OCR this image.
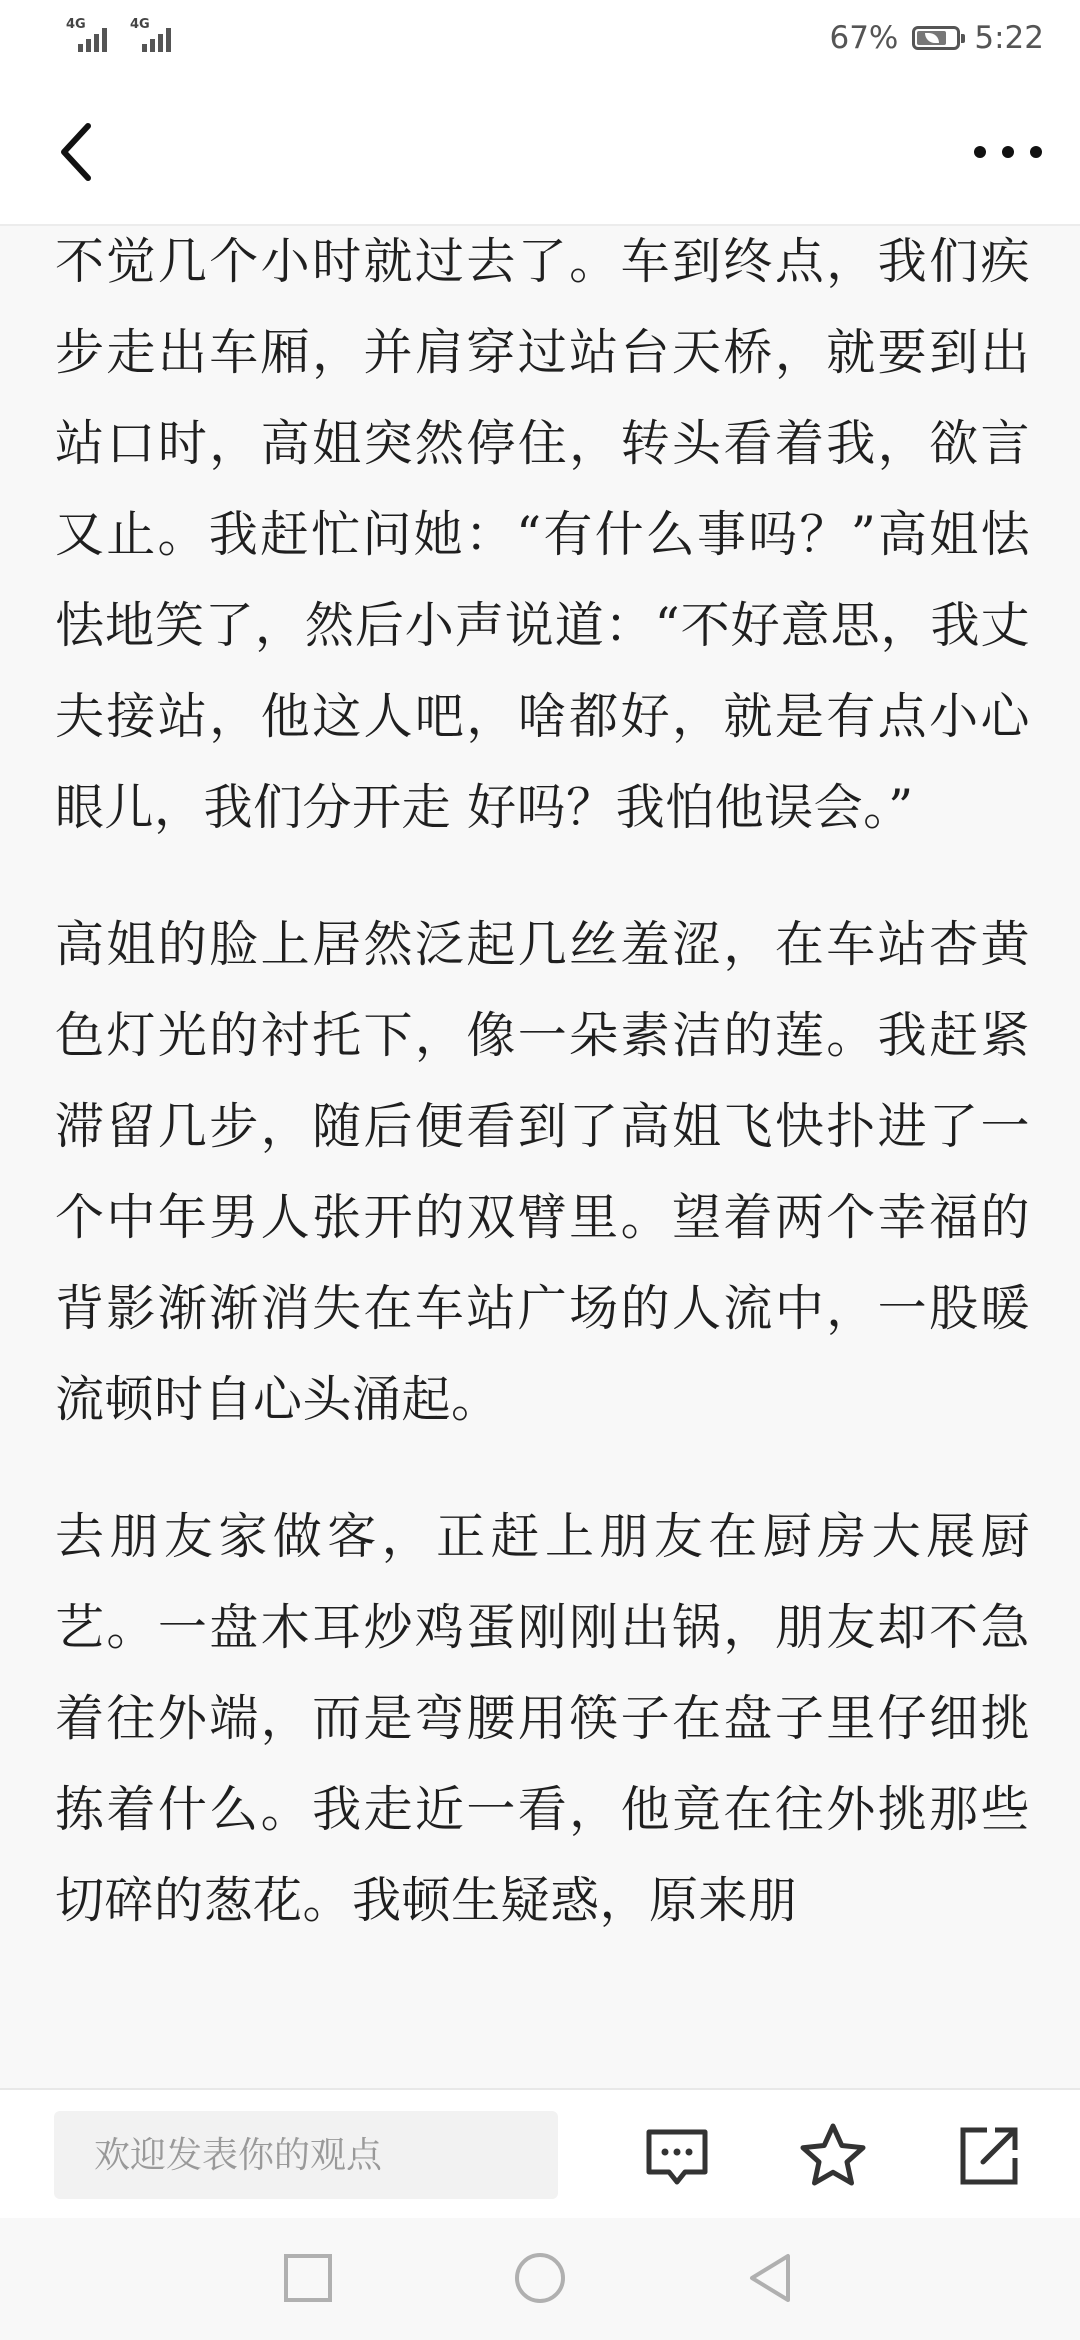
4G	4G	67% 5:22

不觉几个小时就过去了。车到终点，我们疾步走出车厢，并肩穿过站台天桥，就要到出站口时，高姐突然停住，转头看着我，欲言又止。我赶忙问她：“有什么事吗？”高姐怯怯地笑了，然后小声说道：“不好意思，我丈夫接站，他这人吧，啥都好，就是有点小心眼儿，我们分开走 好吗？我怕他误会。”

高姐的脸上居然泛起几丝羞涩，在车站杏黄色灯光的衬托下，像一朵素洁的莲。我赶紧滞留几步，随后便看到了高姐飞快扑进了一个中年男人张开的双臂里。望着两个幸福的背影渐渐消失在车站广场的人流中，一股暖流顿时自心头涌起。

去朋友家做客，正赶上朋友在厨房大展厨艺。一盘木耳炒鸡蛋刚刚出锅，朋友却不急着往外端，而是弯腰用筷子在盘子里仔细挑拣着什么。我走近一看，他竟在往外挑那些切碎的葱花。我顿生疑惑，原来朋

欢迎发表你的观点
